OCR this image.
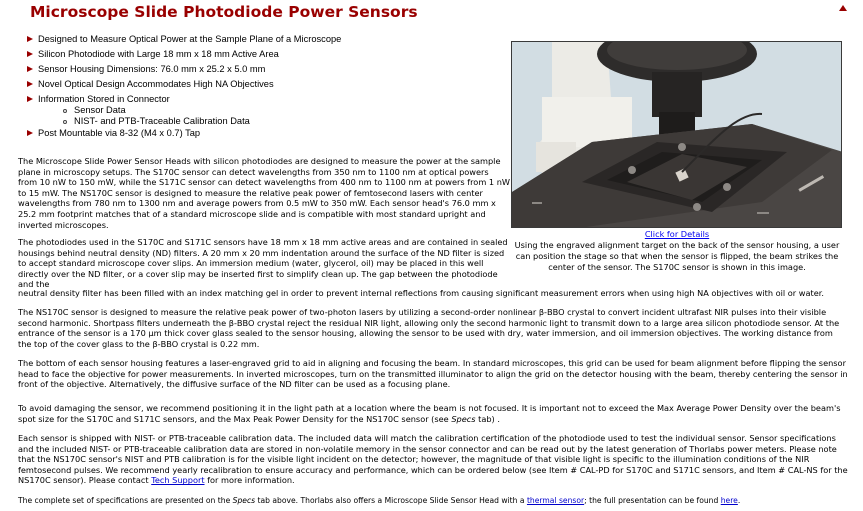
Microscope Slide Photodiode Power Sensors
Designed to Measure Optical Power at the Sample Plane of a Microscope
Silicon Photodiode with Large 18 mm x 18 mm Active Area
Sensor Housing Dimensions: 76.0 mm x 25.2 x 5.0 mm
Novel Optical Design Accommodates High NA Objectives
Information Stored in Connector
Sensor Data
NIST- and PTB-Traceable Calibration Data
Post Mountable via 8-32 (M4 x 0.7) Tap
Click for Details
Using the engraved alignment target on the back of the sensor housing, a user can position the stage so that when the sensor is flipped, the beam strikes the center of the sensor. The S170C sensor is shown in this image.

The Microscope Slide Power Sensor Heads with silicon photodiodes are designed to measure the power at the sample plane in microscopy setups. The S170C sensor can detect wavelengths from 350 nm to 1100 nm at optical powers from 10 nW to 150 mW, while the S171C sensor can detect wavelengths from 400 nm to 1100 nm at powers from 1 nW to 15 mW. The NS170C sensor is designed to measure the relative peak power of femtosecond lasers with center wavelengths from 780 nm to 1300 nm and average powers from 0.5 mW to 350 mW. Each sensor head's 76.0 mm x 25.2 mm footprint matches that of a standard microscope slide and is compatible with most standard upright and inverted microscopes.

The photodiodes used in the S170C and S171C sensors have 18 mm x 18 mm active areas and are contained in sealed housings behind neutral density (ND) filters. A 20 mm x 20 mm indentation around the surface of the ND filter is sized to accept standard microscope cover slips. An immersion medium (water, glycerol, oil) may be placed in this well directly over the ND filter, or a cover slip may be inserted first to simplify clean up. The gap between the photodiode and the

neutral density filter has been filled with an index matching gel in order to prevent internal reflections from causing significant measurement errors when using high NA objectives with oil or water.

The NS170C sensor is designed to measure the relative peak power of two-photon lasers by utilizing a second-order nonlinear β-BBO crystal to convert incident ultrafast NIR pulses into their visible second harmonic. Shortpass filters underneath the β-BBO crystal reject the residual NIR light, allowing only the second harmonic light to transmit down to a large area silicon photodiode sensor. At the entrance of the sensor is a 170 µm thick cover glass sealed to the sensor housing, allowing the sensor to be used with dry, water immersion, and oil immersion objectives. The working distance from the top of the cover glass to the β-BBO crystal is 0.22 mm.

The bottom of each sensor housing features a laser-engraved grid to aid in aligning and focusing the beam. In standard microscopes, this grid can be used for beam alignment before flipping the sensor head to face the objective for power measurements. In inverted microscopes, turn on the transmitted illuminator to align the grid on the detector housing with the beam, thereby centering the sensor in front of the objective. Alternatively, the diffusive surface of the ND filter can be used as a focusing plane.

To avoid damaging the sensor, we recommend positioning it in the light path at a location where the beam is not focused. It is important not to exceed the Max Average Power Density over the beam's spot size for the S170C and S171C sensors, and the Max Peak Power Density for the NS170C sensor (see Specs tab) .

Each sensor is shipped with NIST- or PTB-traceable calibration data. The included data will match the calibration certification of the photodiode used to test the individual sensor. Sensor specifications and the included NIST- or PTB-traceable calibration data are stored in non-volatile memory in the sensor connector and can be read out by the latest generation of Thorlabs power meters. Please note that the NS170C sensor's NIST and PTB calibration is for the visible light incident on the detector; however, the magnitude of that visible light is specific to the illumination conditions of the NIR femtosecond pulses. We recommend yearly recalibration to ensure accuracy and performance, which can be ordered below (see Item # CAL-PD for S170C and S171C sensors, and Item # CAL-NS for the NS170C sensor). Please contact Tech Support for more information.

The complete set of specifications are presented on the Specs tab above. Thorlabs also offers a Microscope Slide Sensor Head with a thermal sensor; the full presentation can be found here.
